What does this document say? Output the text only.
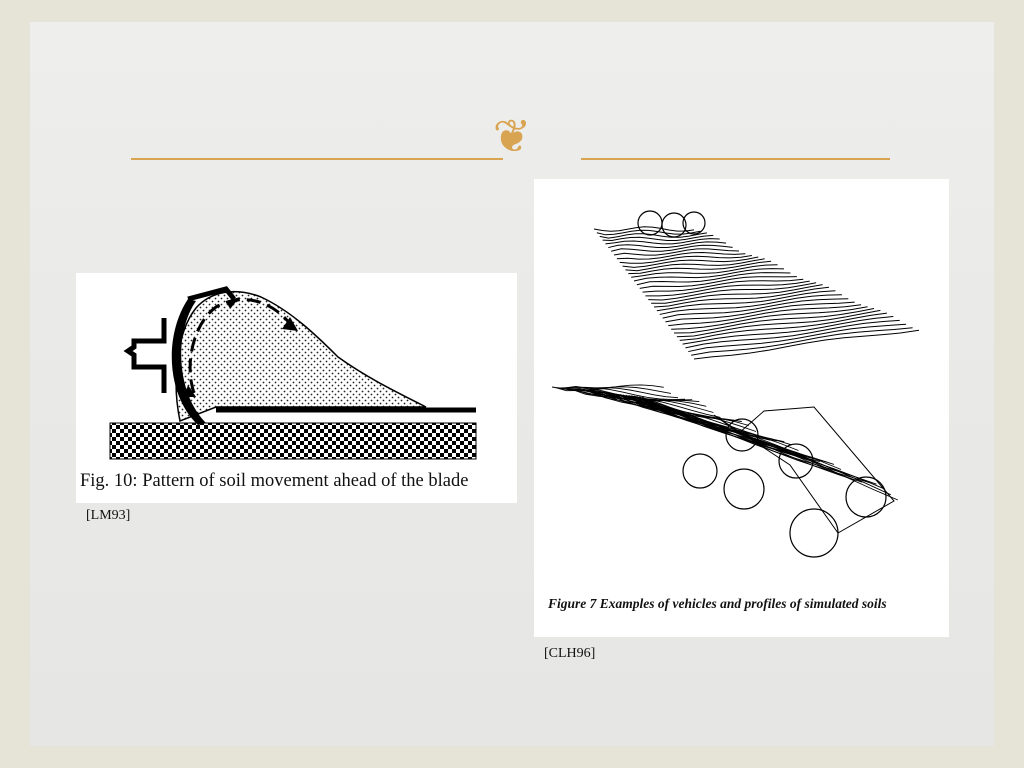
❦
Fig. 10: Pattern of soil movement ahead of the blade
[LM93]
Figure 7 Examples of vehicles and profiles of simulated soils
[CLH96]
